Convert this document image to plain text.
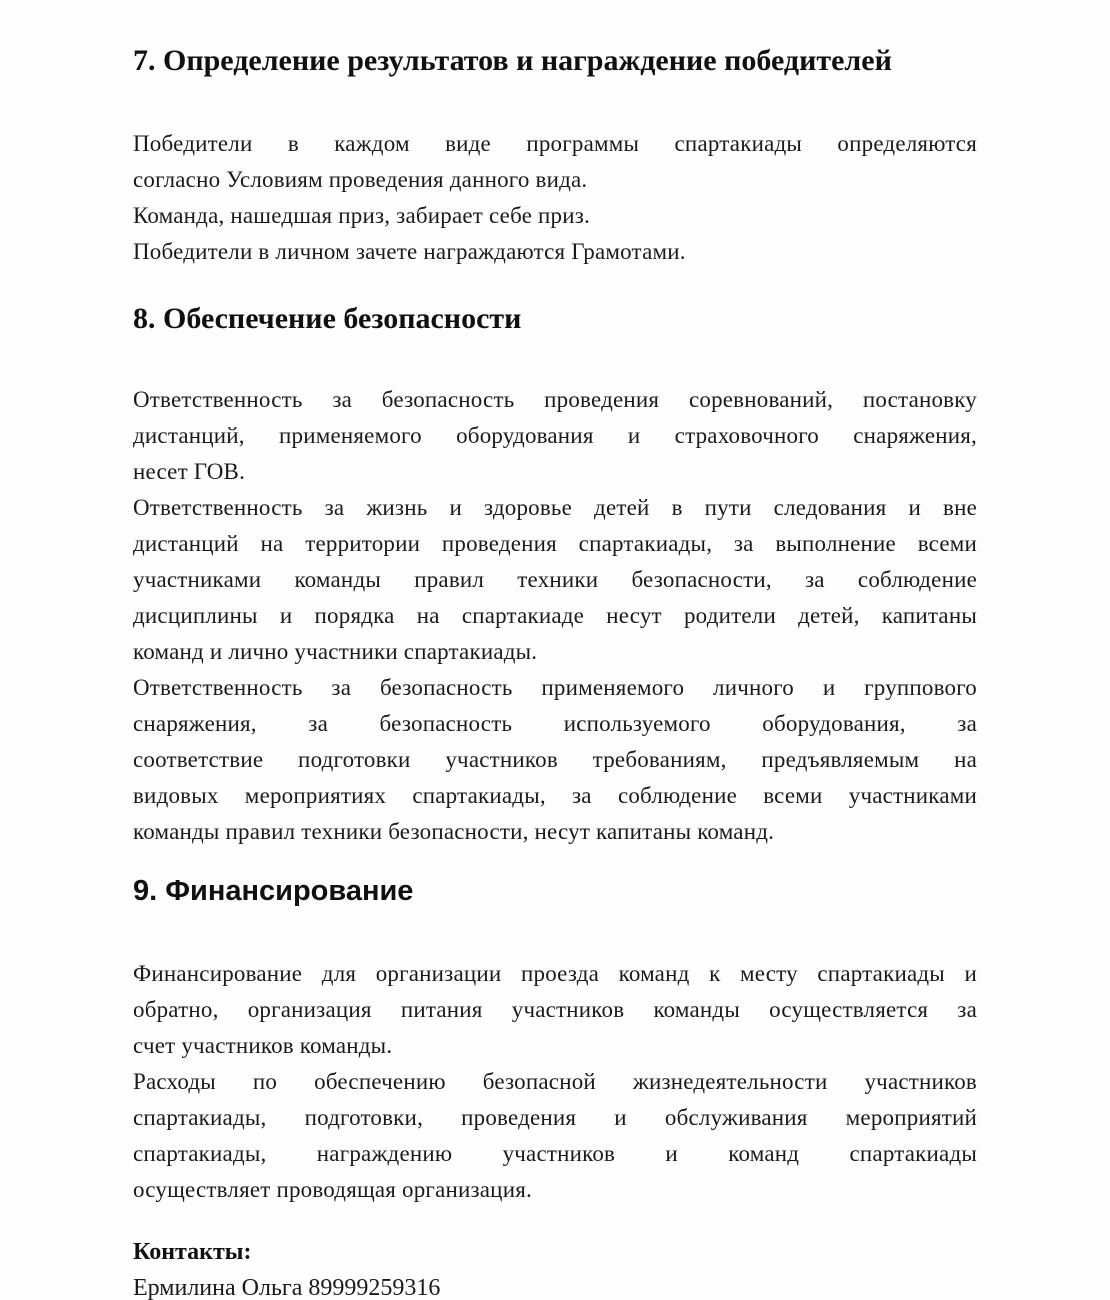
7. Определение результатов и награждение победителей
Победители в каждом виде программы спартакиады определяются
согласно Условиям проведения данного вида.
Команда, нашедшая приз, забирает себе приз.
Победители в личном зачете награждаются Грамотами.
8. Обеспечение безопасности
Ответственность за безопасность проведения соревнований, постановку
дистанций, применяемого оборудования и страховочного снаряжения,
несет ГОВ.
Ответственность за жизнь и здоровье детей в пути следования и вне
дистанций на территории проведения спартакиады, за выполнение всеми
участниками команды правил техники безопасности, за соблюдение
дисциплины и порядка на спартакиаде несут родители детей, капитаны
команд и лично участники спартакиады.
Ответственность за безопасность применяемого личного и группового
снаряжения, за безопасность используемого оборудования, за
соответствие подготовки участников требованиям, предъявляемым на
видовых мероприятиях спартакиады, за соблюдение всеми участниками
команды правил техники безопасности, несут капитаны команд.
9. Финансирование
Финансирование для организации проезда команд к месту спартакиады и
обратно, организация питания участников команды осуществляется за
счет участников команды.
Расходы по обеспечению безопасной жизнедеятельности участников
спартакиады, подготовки, проведения и обслуживания мероприятий
спартакиады, награждению участников и команд спартакиады
осуществляет проводящая организация.
Контакты:
Ермилина Ольга 89999259316
